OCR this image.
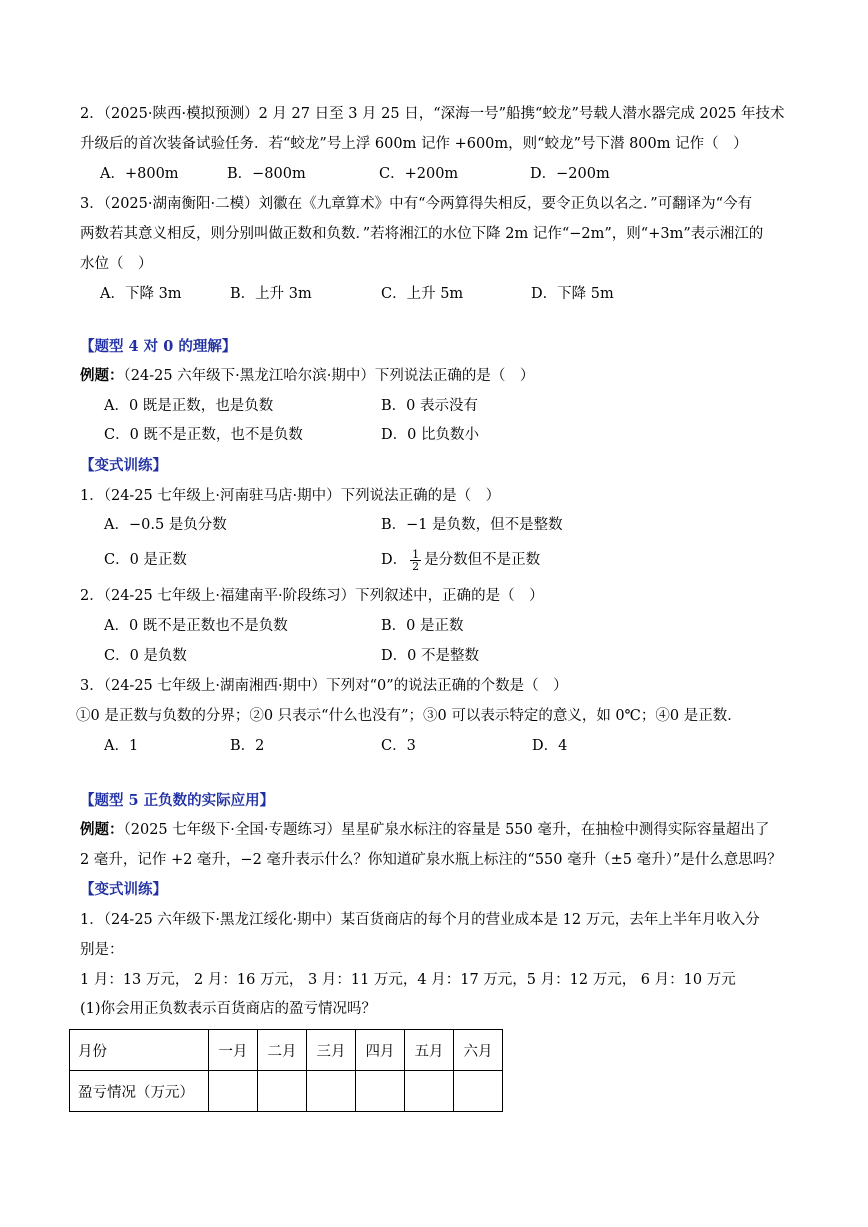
2．（2025·陕西·模拟预测）2 月 27 日至 3 月 25 日，“深海一号”船携“蛟龙”号载人潜水器完成 2025 年技术
升级后的首次装备试验任务．若“蛟龙”号上浮 600m 记作 +600m，则“蛟龙”号下潜 800m 记作（　）
A．+800m	B．−800m	C．+200m	D．−200m
3．（2025·湖南衡阳·二模）刘徽在《九章算术》中有“今两算得失相反，要令正负以名之．”可翻译为“今有
两数若其意义相反，则分别叫做正数和负数．”若将湘江的水位下降 2m 记作“−2m”，则“+3m”表示湘江的
水位（　）
A．下降 3m	B．上升 3m	C．上升 5m	D．下降 5m
【题型 4 对 0 的理解】
例题：（24-25 六年级下·黑龙江哈尔滨·期中）下列说法正确的是（　）
A．0 既是正数，也是负数	B．0 表示没有
C．0 既不是正数，也不是负数	D．0 比负数小
【变式训练】
1．（24-25 七年级上·河南驻马店·期中）下列说法正确的是（　）
A．−0.5 是负分数	B．−1 是负数，但不是整数
C．0 是正数	D． $\frac{1}{2}$ 是分数但不是正数
2．（24-25 七年级上·福建南平·阶段练习）下列叙述中，正确的是（　）
A．0 既不是正数也不是负数	B．0 是正数
C．0 是负数	D．0 不是整数
3．（24-25 七年级上·湖南湘西·期中）下列对“0”的说法正确的个数是（　）
①0 是正数与负数的分界；②0 只表示“什么也没有”；③0 可以表示特定的意义，如 0℃；④0 是正数．
A．1	B．2	C．3	D．4
【题型 5 正负数的实际应用】
例题：（2025 七年级下·全国·专题练习）星星矿泉水标注的容量是 550 毫升，在抽检中测得实际容量超出了
2 毫升，记作 +2 毫升，−2 毫升表示什么？你知道矿泉水瓶上标注的“550 毫升（±5 毫升）”是什么意思吗？
【变式训练】
1．（24-25 六年级下·黑龙江绥化·期中）某百货商店的每个月的营业成本是 12 万元，去年上半年月收入分
别是：
1 月：13 万元， 2 月：16 万元， 3 月：11 万元，4 月：17 万元，5 月：12 万元， 6 月：10 万元
(1)你会用正负数表示百货商店的盈亏情况吗？
月份	一月	二月	三月	四月	五月	六月
盈亏情况（万元）						
